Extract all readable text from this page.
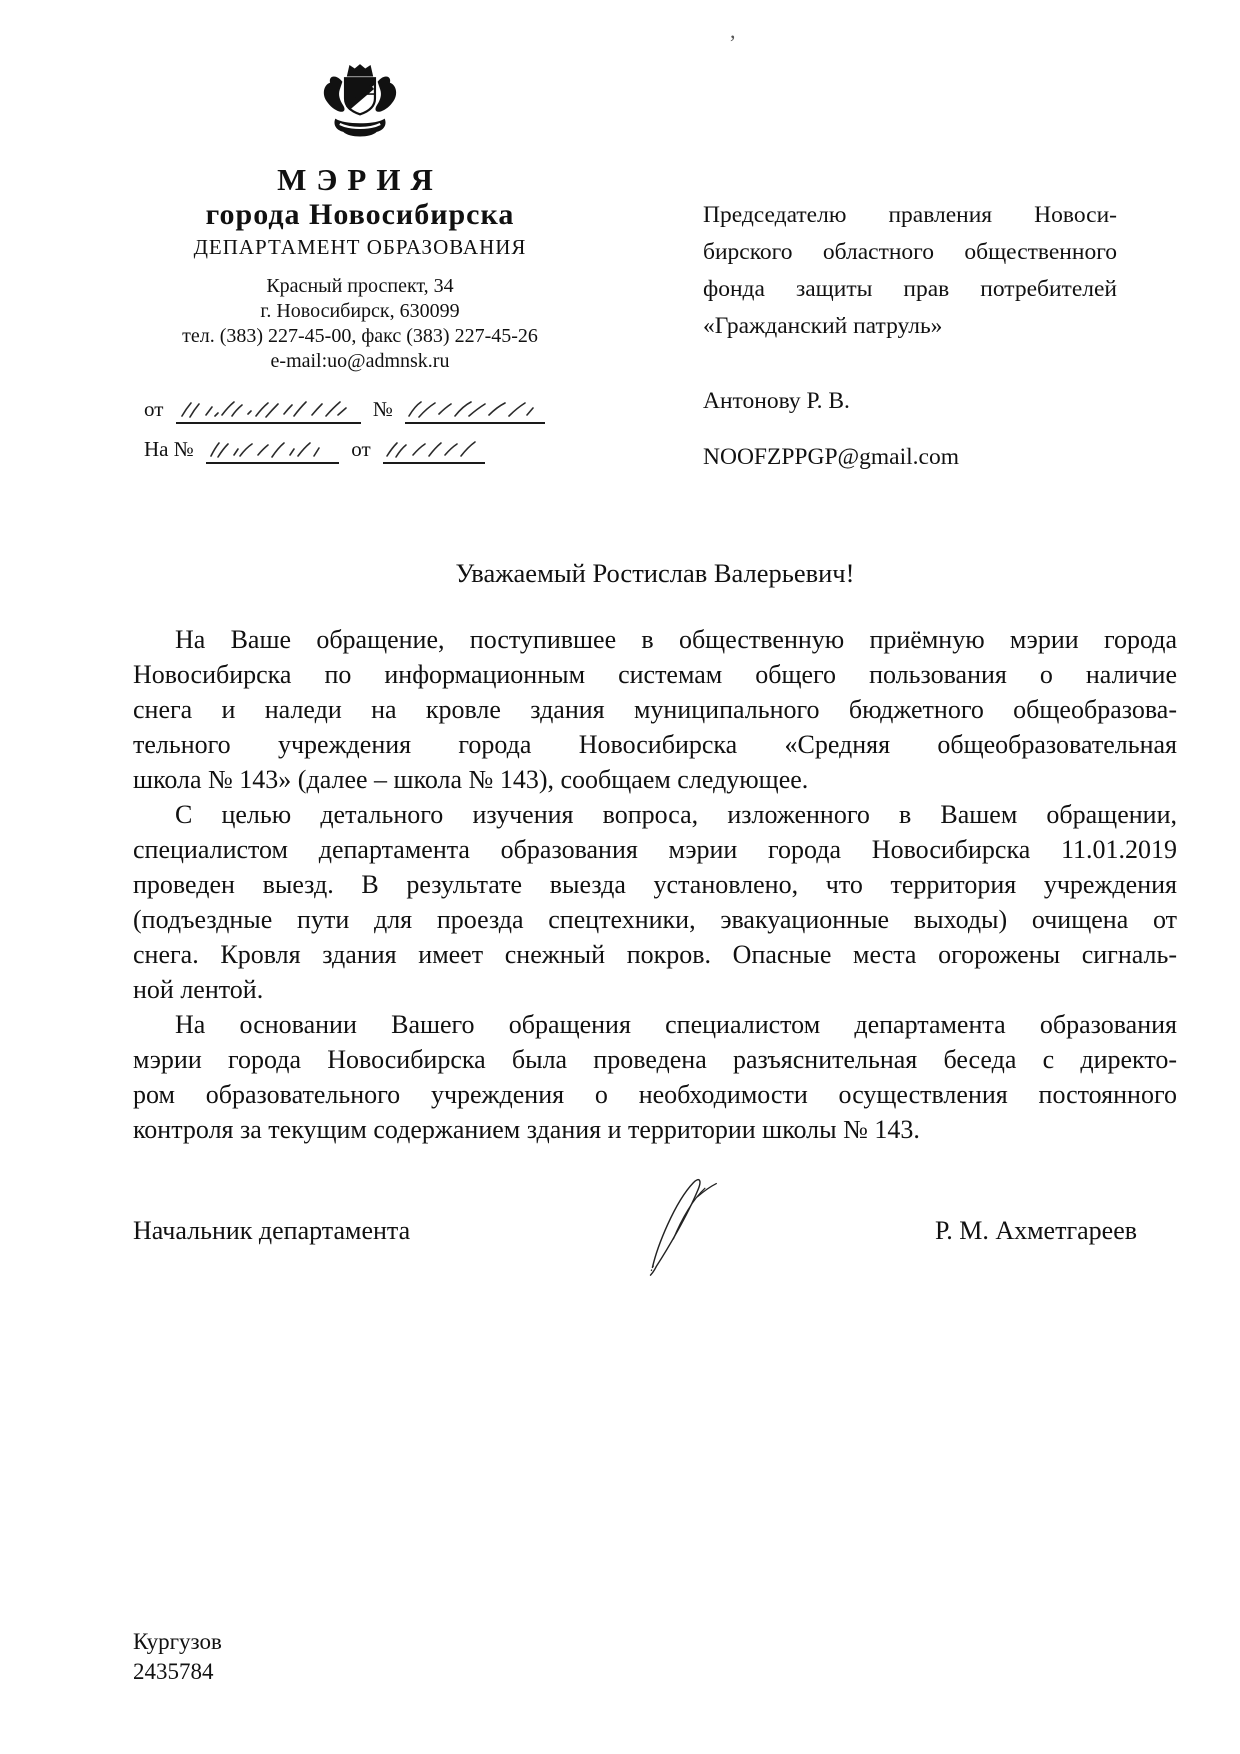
,
МЭРИЯ
города Новосибирска
ДЕПАРТАМЕНТ ОБРАЗОВАНИЯ
Красный проспект, 34
г. Новосибирск, 630099
тел. (383) 227-45-00, факс (383) 227-45-26
e-mail:uo@admnsk.ru
от	№
На №	от
Председателю правления Новоси-
бирского областного общественного
фонда защиты прав потребителей
«Гражданский патруль»
Антонову Р. В.
NOOFZPPGP@gmail.com
Уважаемый Ростислав Валерьевич!
На Ваше обращение, поступившее в общественную приёмную мэрии города
Новосибирска по информационным системам общего пользования о наличие
снега и наледи на кровле здания муниципального бюджетного общеобразова-
тельного учреждения города Новосибирска «Средняя общеобразовательная
школа № 143» (далее – школа № 143), сообщаем следующее.
С целью детального изучения вопроса, изложенного в Вашем обращении,
специалистом департамента образования мэрии города Новосибирска 11.01.2019
проведен выезд. В результате выезда установлено, что территория учреждения
(подъездные пути для проезда спецтехники, эвакуационные выходы) очищена от
снега. Кровля здания имеет снежный покров. Опасные места огорожены сигналь-
ной лентой.
На основании Вашего обращения специалистом департамента образования
мэрии города Новосибирска была проведена разъяснительная беседа с директо-
ром образовательного учреждения о необходимости осуществления постоянного
контроля за текущим содержанием здания и территории школы № 143.
Начальник департамента	Р. М. Ахметгареев
Кургузов
2435784
